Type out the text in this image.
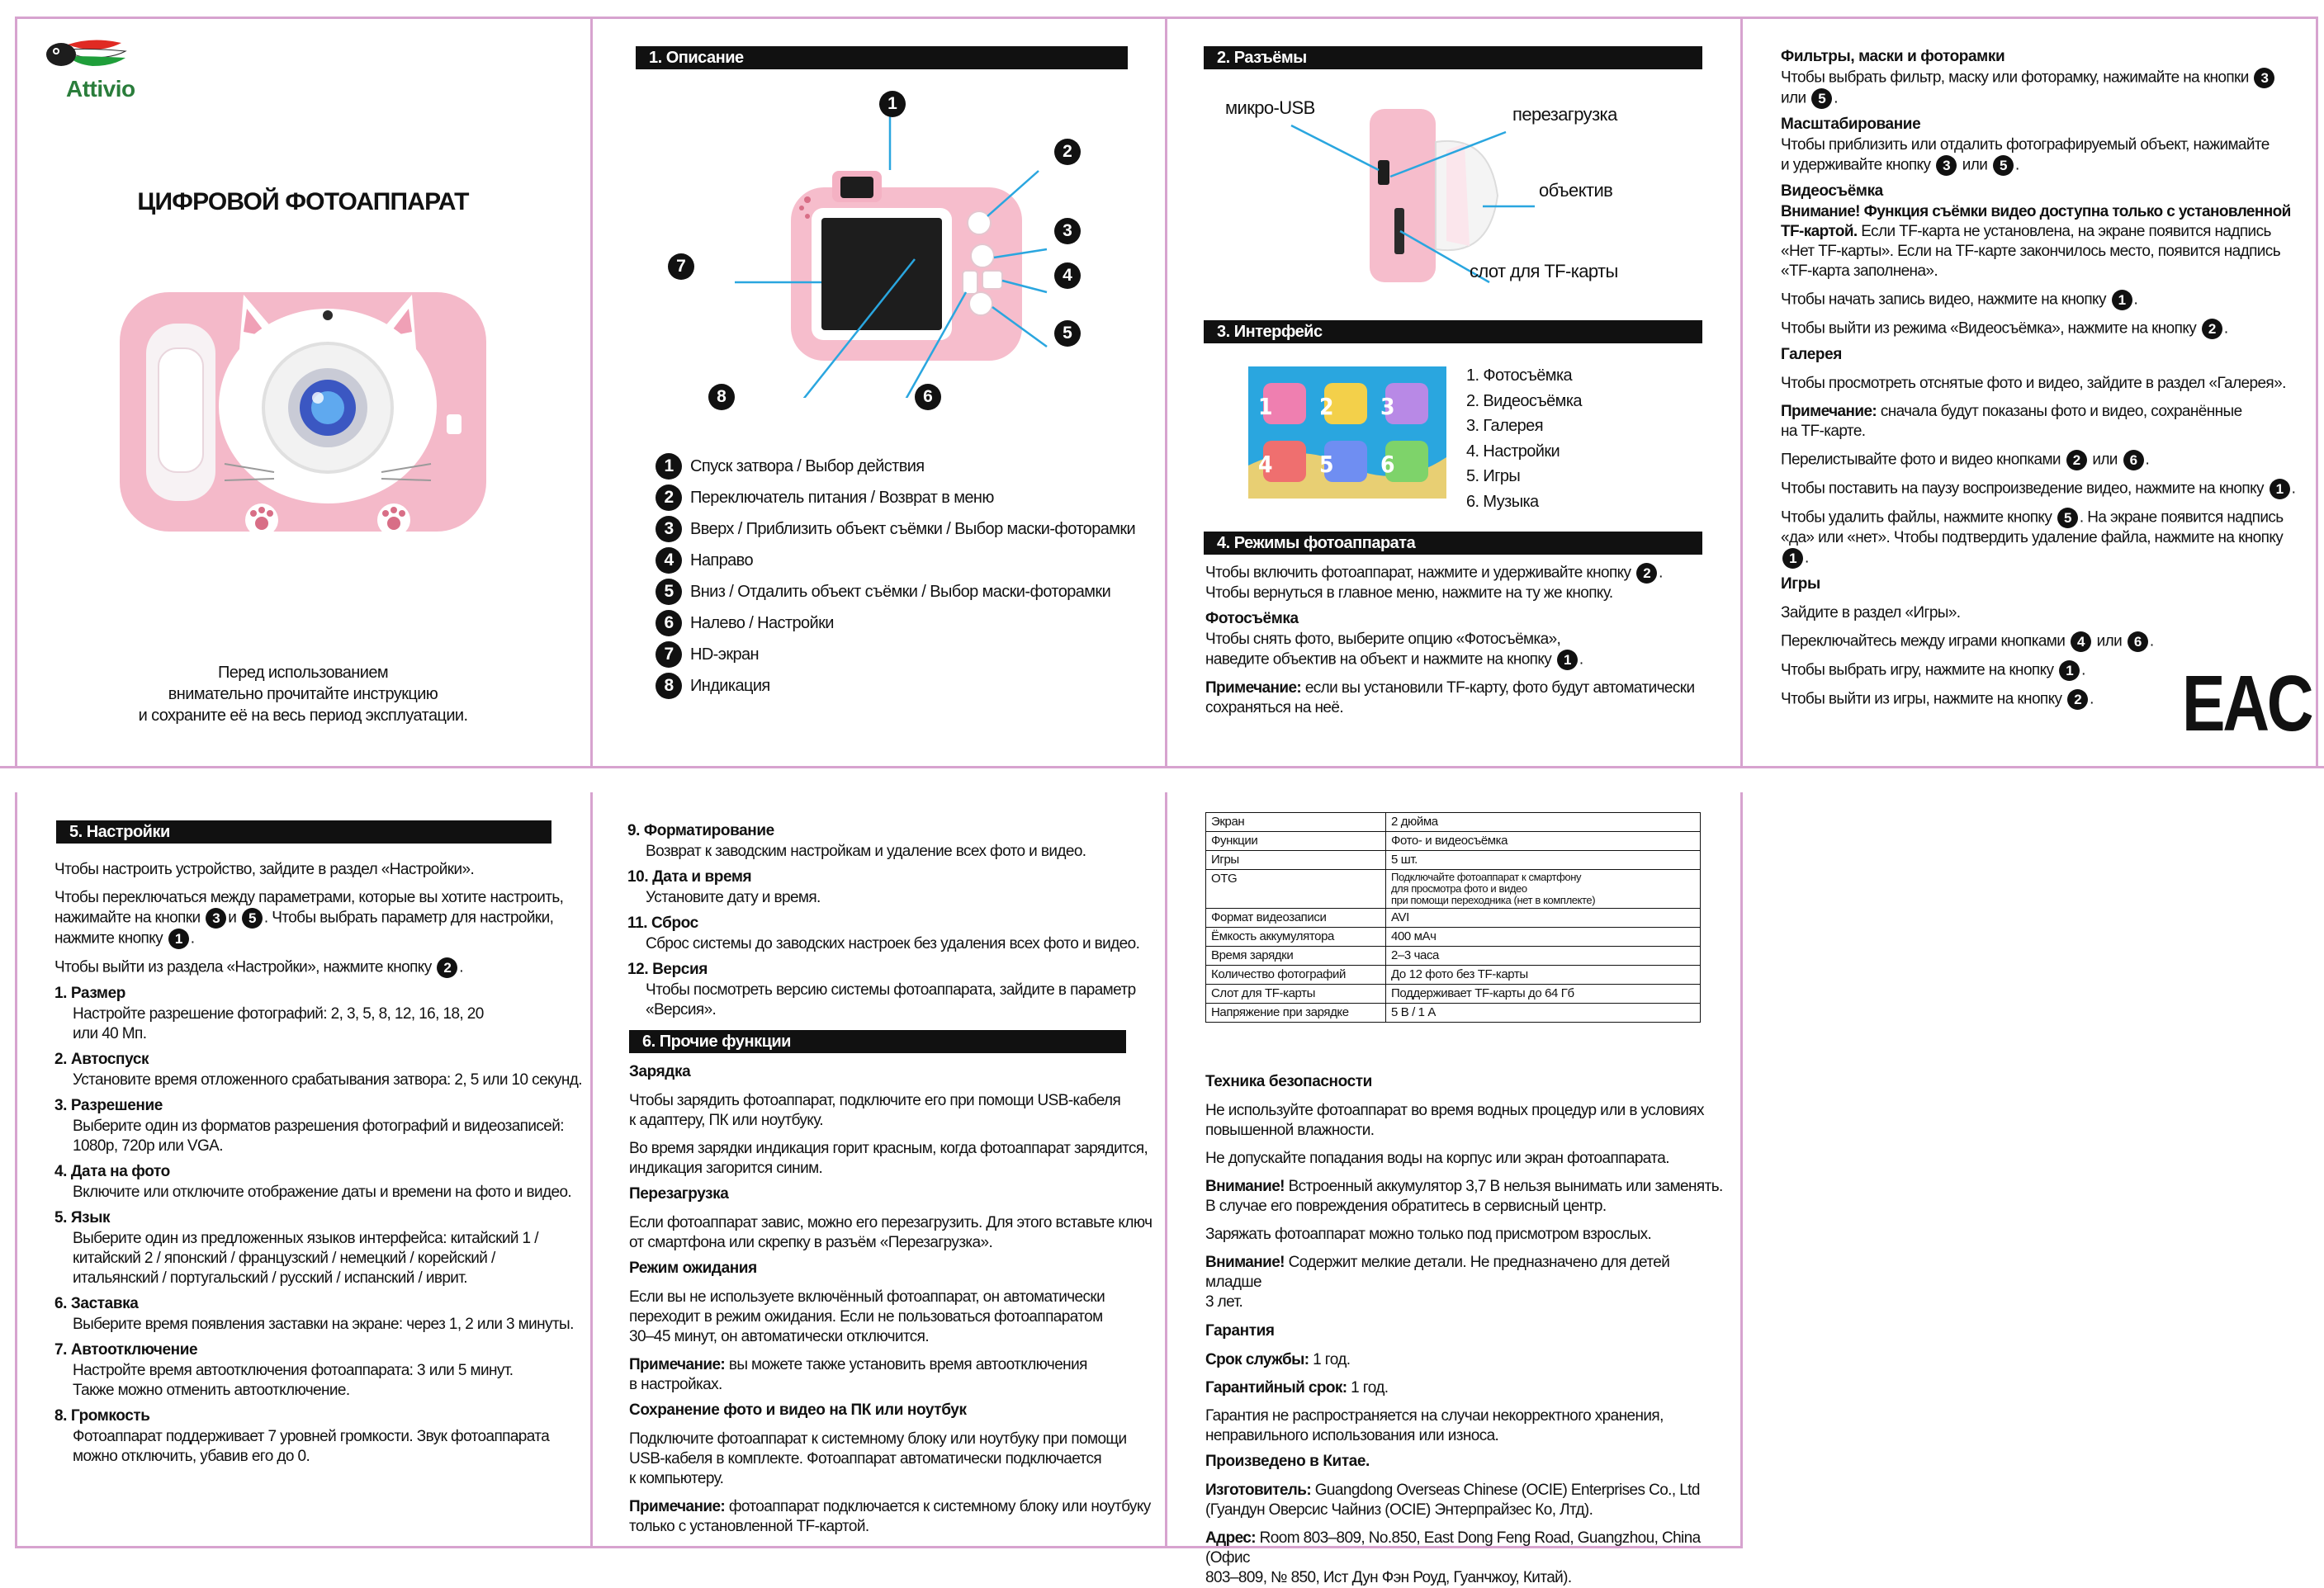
Attivio
ЦИФРОВОЙ ФОТОАППАРАТ
Перед использованием
внимательно прочитайте инструкцию
и сохраните её на весь период эксплуатации.
1. Описание
1
2
3
4
5
6
7
8
1	Спуск затвора / Выбор действия
2	Переключатель питания / Возврат в меню
3	Вверх / Приблизить объект съёмки / Выбор маски-фоторамки
4	Направо
5	Вниз / Отдалить объект съёмки / Выбор маски-фоторамки
6	Налево / Настройки
7	HD-экран
8	Индикация
2. Разъёмы
микро-USB	перезагрузка
объектив
слот для TF-карты
3. Интерфейс
1 2 3
4 5 6
1. Фотосъёмка
2. Видеосъёмка
3. Галерея
4. Настройки
5. Игры
6. Музыка
4. Режимы фотоаппарата

Чтобы включить фотоаппарат, нажмите и удерживайте кнопку 2 .

Чтобы вернуться в главное меню, нажмите на ту же кнопку.

Фотосъёмка

Чтобы снять фото, выберите опцию «Фотосъёмка»,

наведите объектив на объект и нажмите на кнопку 1 .

Примечание: если вы установили TF-карту, фото будут автоматически

сохраняться на неё.

Фильтры, маски и фоторамки

Чтобы выбрать фильтр, маску или фоторамку, нажимайте на кнопки 3

или 5 .

Масштабирование

Чтобы приблизить или отдалить фотографируемый объект, нажимайте

и удерживайте кнопку 3 или 5 .

Видеосъёмка

Внимание! Функция съёмки видео доступна только с установленной

TF-картой. Если TF-карта не установлена, на экране появится надпись

«Нет TF-карты». Если на TF-карте закончилось место, появится надпись

«TF-карта заполнена».

Чтобы начать запись видео, нажмите на кнопку 1 .

Чтобы выйти из режима «Видеосъёмка», нажмите на кнопку 2 .

Галерея

Чтобы просмотреть отснятые фото и видео, зайдите в раздел «Галерея».

Примечание: сначала будут показаны фото и видео, сохранённые

на TF-карте.

Перелистывайте фото и видео кнопками 2 или 6 .

Чтобы поставить на паузу воспроизведение видео, нажмите на кнопку 1 .

Чтобы удалить файлы, нажмите кнопку 5 . На экране появится надпись

«да» или «нет». Чтобы подтвердить удаление файла, нажмите на кнопку 1 .

Игры

Зайдите в раздел «Игры».

Переключайтесь между играми кнопками 4 или 6 .

Чтобы выбрать игру, нажмите на кнопку 1 .

Чтобы выйти из игры, нажмите на кнопку 2 .	EAC
5. Настройки

Чтобы настроить устройство, зайдите в раздел «Настройки».

Чтобы переключаться между параметрами, которые вы хотите настроить,

нажимайте на кнопки 3 и 5 . Чтобы выбрать параметр для настройки,

нажмите кнопку 1 .

Чтобы выйти из раздела «Настройки», нажмите кнопку 2 .

1. Размер

Настройте разрешение фотографий: 2, 3, 5, 8, 12, 16, 18, 20

или 40 Мп.

2. Автоспуск

Установите время отложенного срабатывания затвора: 2, 5 или 10 секунд.

3. Разрешение

Выберите один из форматов разрешения фотографий и видеозаписей:

1080p, 720p или VGA.

4. Дата на фото

Включите или отключите отображение даты и времени на фото и видео.

5. Язык

Выберите один из предложенных языков интерфейса: китайский 1 /

китайский 2 / японский / французский / немецкий / корейский /

итальянский / португальский / русский / испанский / иврит.

6. Заставка

Выберите время появления заставки на экране: через 1, 2 или 3 минуты.

7. Автоотключение

Настройте время автоотключения фотоаппарата: 3 или 5 минут.

Также можно отменить автоотключение.

8. Громкость

Фотоаппарат поддерживает 7 уровней громкости. Звук фотоаппарата

можно отключить, убавив его до 0.

9. Форматирование

Возврат к заводским настройкам и удаление всех фото и видео.

10. Дата и время

Установите дату и время.

11. Сброс

Сброс системы до заводских настроек без удаления всех фото и видео.

12. Версия

Чтобы посмотреть версию системы фотоаппарата, зайдите в параметр

«Версия».

6. Прочие функции
Зарядка

Чтобы зарядить фотоаппарат, подключите его при помощи USB-кабеля

к адаптеру, ПК или ноутбуку.

Во время зарядки индикация горит красным, когда фотоаппарат зарядится,

индикация загорится синим.

Перезагрузка

Если фотоаппарат завис, можно его перезагрузить. Для этого вставьте ключ

от смартфона или скрепку в разъём «Перезагрузка».

Режим ожидания

Если вы не используете включённый фотоаппарат, он автоматически

переходит в режим ожидания. Если не пользоваться фотоаппаратом

30–45 минут, он автоматически отключится.

Примечание: вы можете также установить время автоотключения

в настройках.

Сохранение фото и видео на ПК или ноутбук

Подключите фотоаппарат к системному блоку или ноутбуку при помощи

USB-кабеля в комплекте. Фотоаппарат автоматически подключается

к компьютеру.

Примечание: фотоаппарат подключается к системному блоку или ноутбуку

только с установленной TF-картой.

Экран	2 дюйма
Функции	Фото- и видеосъёмка
Игры	5 шт.
OTG	Подключайте фотоаппарат к смартфону
для просмотра фото и видео
при помощи переходника (нет в комплекте)
Формат видеозаписи	AVI
Ёмкость аккумулятора	400 мАч
Время зарядки	2–3 часа
Количество фотографий	До 12 фото без TF-карты
Слот для TF-карты	Поддерживает TF-карты до 64 Гб
Напряжение при зарядке	5 В / 1 А
Техника безопасности

Не используйте фотоаппарат во время водных процедур или в условиях

повышенной влажности.

Не допускайте попадания воды на корпус или экран фотоаппарата.

Внимание! Встроенный аккумулятор 3,7 В нельзя вынимать или заменять.

В случае его повреждения обратитесь в сервисный центр.

Заряжать фотоаппарат можно только под присмотром взрослых.

Внимание! Содержит мелкие детали. Не предназначено для детей младше

3 лет.

Гарантия

Срок службы: 1 год.

Гарантийный срок: 1 год.

Гарантия не распространяется на случаи некорректного хранения,

неправильного использования или износа.

Произведено в Китае.

Изготовитель: Guangdong Overseas Chinese (OCIE) Enterprises Co., Ltd

(Гуандун Оверсис Чайниз (OCIE) Энтерпрайзес Ко, Лтд).

Адрес: Room 803–809, No.850, East Dong Feng Road, Guangzhou, China (Офис

803–809, № 850, Ист Дун Фэн Роуд, Гуанчжоу, Китай).
